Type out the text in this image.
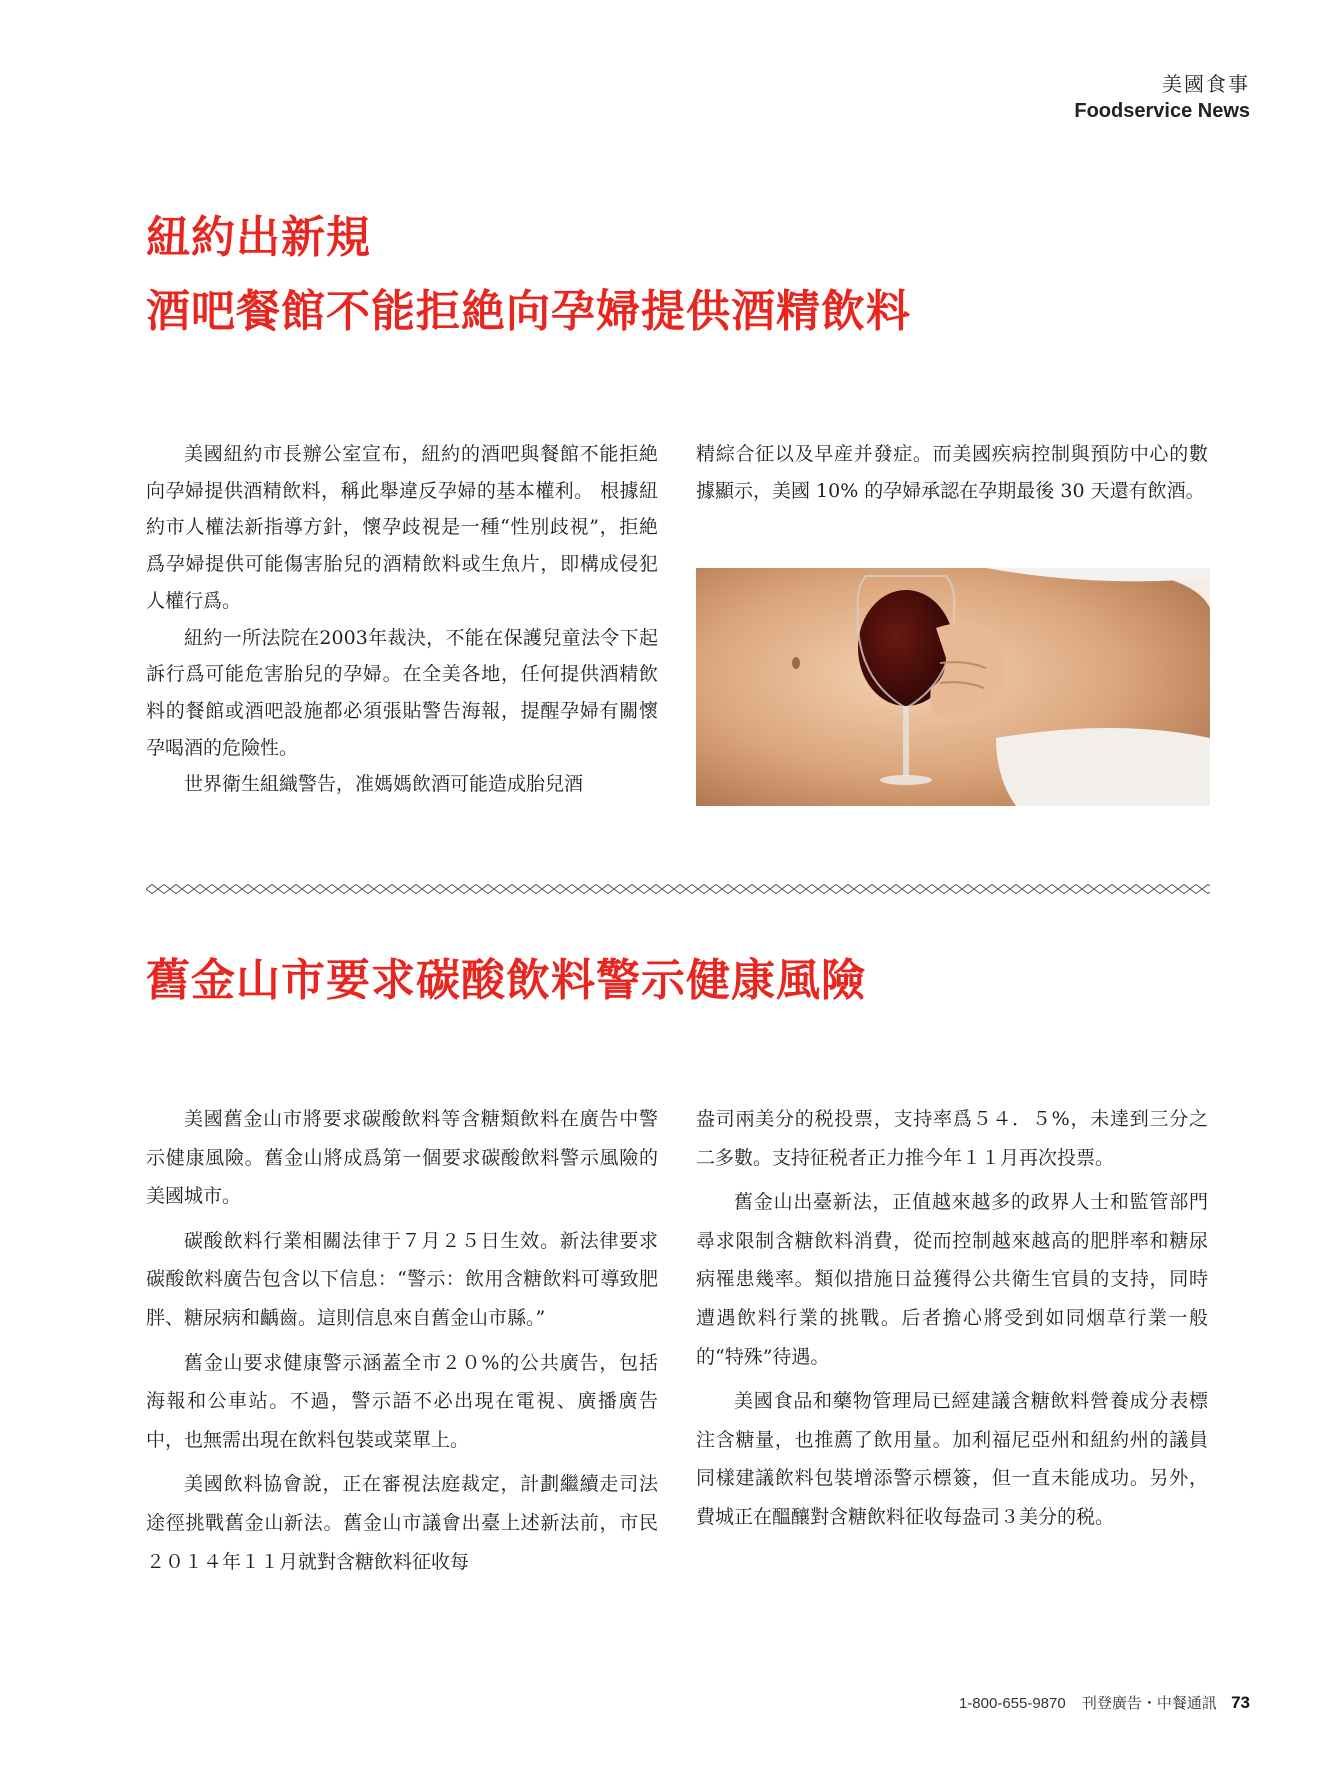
美國食事
Foodservice News
紐約出新規
酒吧餐館不能拒絶向孕婦提供酒精飲料

美國紐約市長辦公室宣布，紐約的酒吧與餐館不能拒絶向孕婦提供酒精飲料，稱此舉違反孕婦的基本權利。 根據紐約市人權法新指導方針，懷孕歧視是一種“性別歧視”，拒絶爲孕婦提供可能傷害胎兒的酒精飲料或生魚片，即構成侵犯人權行爲。

紐約一所法院在2003年裁決，不能在保護兒童法令下起訴行爲可能危害胎兒的孕婦。在全美各地，任何提供酒精飲料的餐館或酒吧設施都必須張貼警告海報，提醒孕婦有關懷孕喝酒的危險性。

世界衛生組織警告，准媽媽飲酒可能造成胎兒酒

精綜合征以及早産并發症。而美國疾病控制與預防中心的數據顯示，美國 10% 的孕婦承認在孕期最後 30 天還有飲酒。

舊金山市要求碳酸飲料警示健康風險

美國舊金山市將要求碳酸飲料等含糖類飲料在廣告中警示健康風險。舊金山將成爲第一個要求碳酸飲料警示風險的美國城市。

碳酸飲料行業相關法律于７月２５日生效。新法律要求碳酸飲料廣告包含以下信息：“警示：飲用含糖飲料可導致肥胖、糖尿病和齲齒。這則信息來自舊金山市縣。”

舊金山要求健康警示涵蓋全市２０%的公共廣告，包括海報和公車站。不過，警示語不必出現在電視、廣播廣告中，也無需出現在飲料包裝或菜單上。

美國飲料協會說，正在審視法庭裁定，計劃繼續走司法途徑挑戰舊金山新法。舊金山市議會出臺上述新法前，市民２０１４年１１月就對含糖飲料征收每

盎司兩美分的税投票，支持率爲５４．５%，未達到三分之二多數。支持征税者正力推今年１１月再次投票。

舊金山出臺新法，正值越來越多的政界人士和監管部門尋求限制含糖飲料消費，從而控制越來越高的肥胖率和糖尿病罹患幾率。類似措施日益獲得公共衛生官員的支持，同時遭遇飲料行業的挑戰。后者擔心將受到如同烟草行業一般的“特殊”待遇。

美國食品和藥物管理局已經建議含糖飲料營養成分表標注含糖量，也推薦了飲用量。加利福尼亞州和紐約州的議員同樣建議飲料包裝增添警示標簽，但一直未能成功。另外，費城正在醞釀對含糖飲料征收每盎司３美分的税。

1-800-655-9870 刊登廣告・中餐通訊 73
